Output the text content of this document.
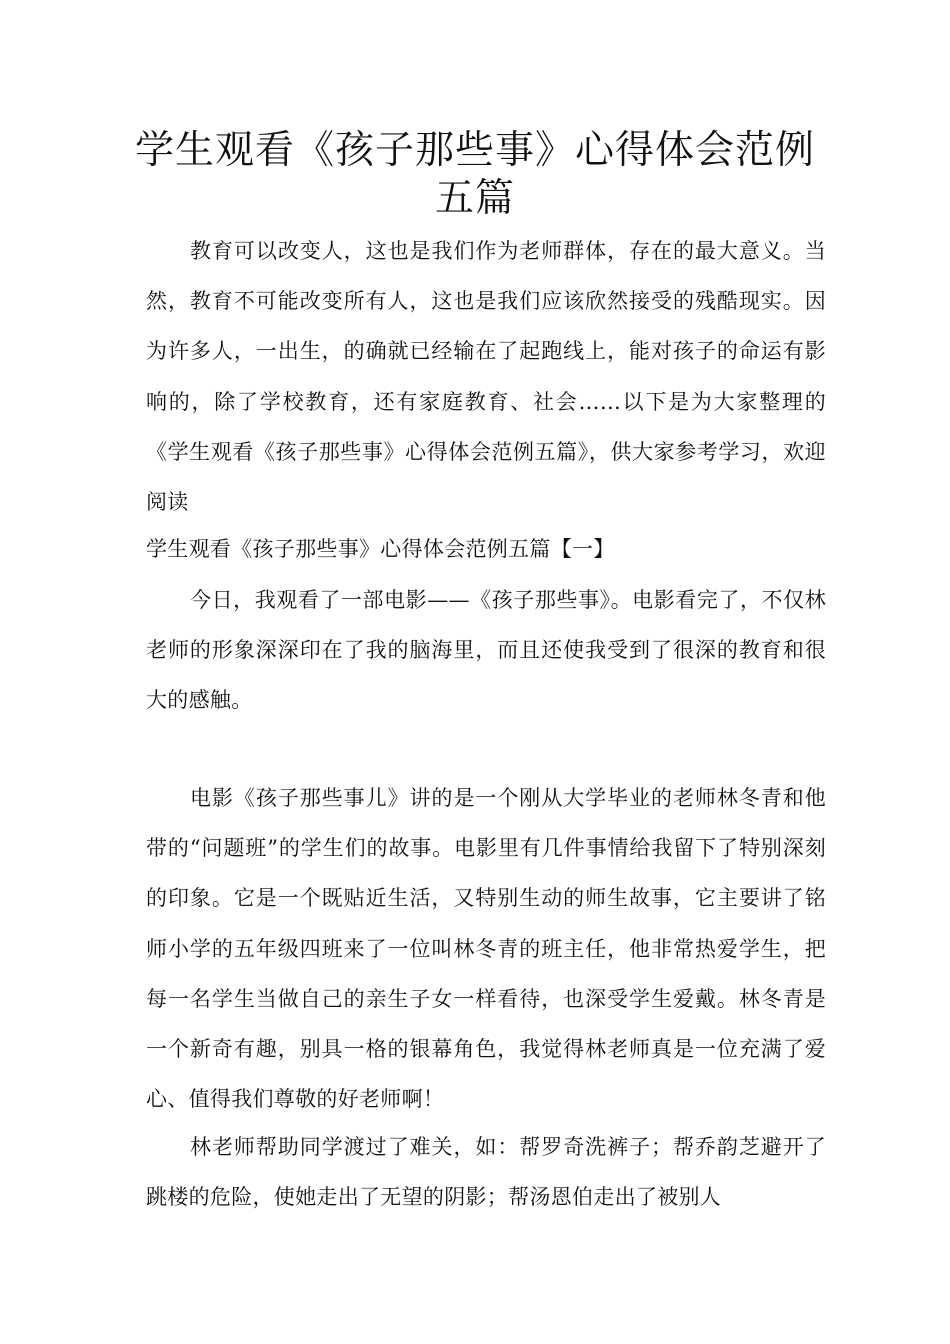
学生观看《孩子那些事》心得体会范例
五篇

教育可以改变人，这也是我们作为老师群体，存在的最大意义。当然，教育不可能改变所有人，这也是我们应该欣然接受的残酷现实。因为许多人，一出生，的确就已经输在了起跑线上，能对孩子的命运有影响的，除了学校教育，还有家庭教育、社会……以下是为大家整理的《学生观看《孩子那些事》心得体会范例五篇》，供大家参考学习，欢迎阅读

学生观看《孩子那些事》心得体会范例五篇【一】

今日，我观看了一部电影——《孩子那些事》。电影看完了，不仅林老师的形象深深印在了我的脑海里，而且还使我受到了很深的教育和很大的感触。

电影《孩子那些事儿》讲的是一个刚从大学毕业的老师林冬青和他带的“问题班”的学生们的故事。电影里有几件事情给我留下了特别深刻的印象。它是一个既贴近生活，又特别生动的师生故事，它主要讲了铭师小学的五年级四班来了一位叫林冬青的班主任，他非常热爱学生，把每一名学生当做自己的亲生子女一样看待，也深受学生爱戴。林冬青是一个新奇有趣，别具一格的银幕角色，我觉得林老师真是一位充满了爱心、值得我们尊敬的好老师啊！

林老师帮助同学渡过了难关，如：帮罗奇洗裤子；帮乔韵芝避开了跳楼的危险，使她走出了无望的阴影；帮汤恩伯走出了被别人
